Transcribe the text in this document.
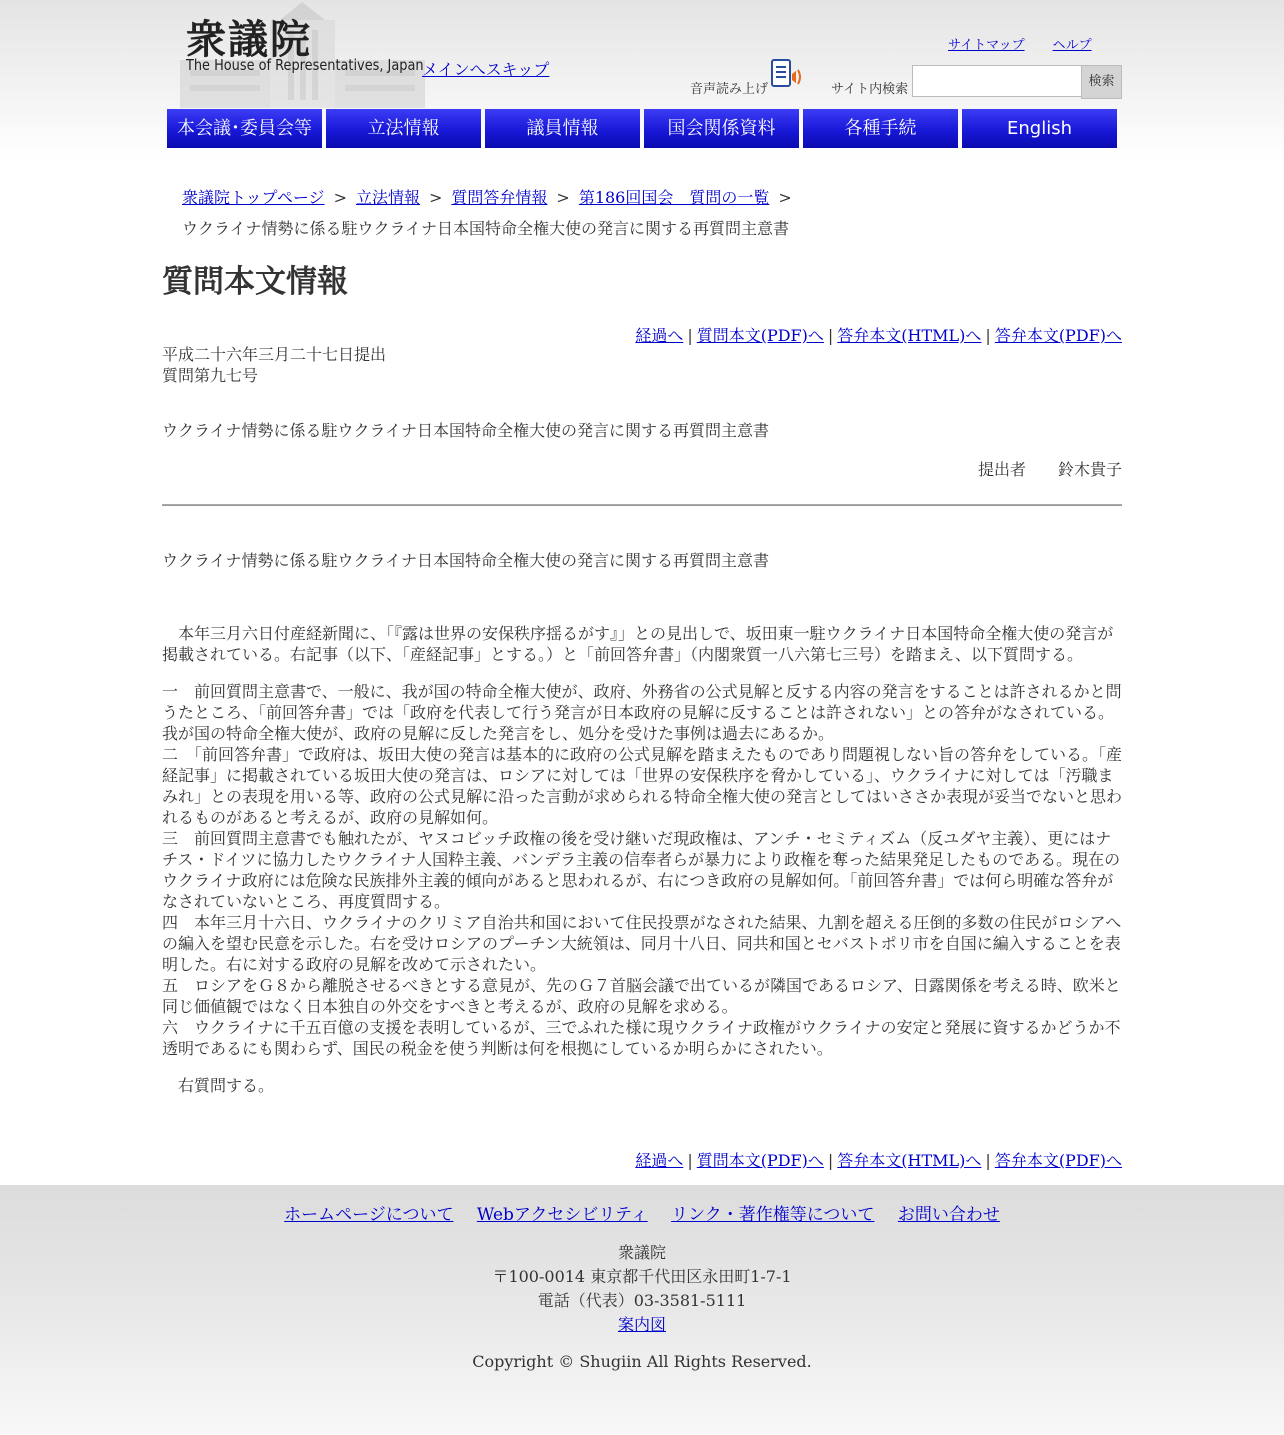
衆議院
The House of Representatives, Japan
メインへスキップ
サイトマップ ヘルプ
音声読み上げ	サイト内検索
検索
本会議･委員会等	立法情報	議員情報	国会関係資料	各種手続	English
衆議院トップページ > 立法情報 > 質問答弁情報 > 第186回国会　質問の一覧 >
ウクライナ情勢に係る駐ウクライナ日本国特命全権大使の発言に関する再質問主意書
質問本文情報
経過へ | 質問本文(PDF)へ | 答弁本文(HTML)へ | 答弁本文(PDF)へ
平成二十六年三月二十七日提出
質問第九七号
ウクライナ情勢に係る駐ウクライナ日本国特命全権大使の発言に関する再質問主意書
提出者 鈴木貴子
ウクライナ情勢に係る駐ウクライナ日本国特命全権大使の発言に関する再質問主意書
　本年三月六日付産経新聞に、「『露は世界の安保秩序揺るがす』」との見出しで、坂田東一駐ウクライナ日本国特命全権大使の発言が掲載されている。右記事（以下、「産経記事」とする。）と「前回答弁書」（内閣衆質一八六第七三号）を踏まえ、以下質問する。

一　前回質問主意書で、一般に、我が国の特命全権大使が、政府、外務省の公式見解と反する内容の発言をすることは許されるかと問うたところ、「前回答弁書」では「政府を代表して行う発言が日本政府の見解に反することは許されない」との答弁がなされている。我が国の特命全権大使が、政府の見解に反した発言をし、処分を受けた事例は過去にあるか。

二　「前回答弁書」で政府は、坂田大使の発言は基本的に政府の公式見解を踏まえたものであり問題視しない旨の答弁をしている。「産経記事」に掲載されている坂田大使の発言は、ロシアに対しては「世界の安保秩序を脅かしている」、ウクライナに対しては「汚職まみれ」との表現を用いる等、政府の公式見解に沿った言動が求められる特命全権大使の発言としてはいささか表現が妥当でないと思われるものがあると考えるが、政府の見解如何。

三　前回質問主意書でも触れたが、ヤヌコビッチ政権の後を受け継いだ現政権は、アンチ・セミティズム（反ユダヤ主義）、更にはナチス・ドイツに協力したウクライナ人国粋主義、バンデラ主義の信奉者らが暴力により政権を奪った結果発足したものである。現在のウクライナ政府には危険な民族排外主義的傾向があると思われるが、右につき政府の見解如何。「前回答弁書」では何ら明確な答弁がなされていないところ、再度質問する。

四　本年三月十六日、ウクライナのクリミア自治共和国において住民投票がなされた結果、九割を超える圧倒的多数の住民がロシアへの編入を望む民意を示した。右を受けロシアのプーチン大統領は、同月十八日、同共和国とセバストポリ市を自国に編入することを表明した。右に対する政府の見解を改めて示されたい。

五　ロシアをＧ８から離脱させるべきとする意見が、先のＧ７首脳会議で出ているが隣国であるロシア、日露関係を考える時、欧米と同じ価値観ではなく日本独自の外交をすべきと考えるが、政府の見解を求める。

六　ウクライナに千五百億の支援を表明しているが、三でふれた様に現ウクライナ政権がウクライナの安定と発展に資するかどうか不透明であるにも関わらず、国民の税金を使う判断は何を根拠にしているか明らかにされたい。

　右質問する。
経過へ | 質問本文(PDF)へ | 答弁本文(HTML)へ | 答弁本文(PDF)へ
ホームページについて Webアクセシビリティ リンク・著作権等について お問い合わせ
衆議院
〒100-0014 東京都千代田区永田町1-7-1
電話（代表）03-3581-5111
案内図
Copyright © Shugiin All Rights Reserved.
